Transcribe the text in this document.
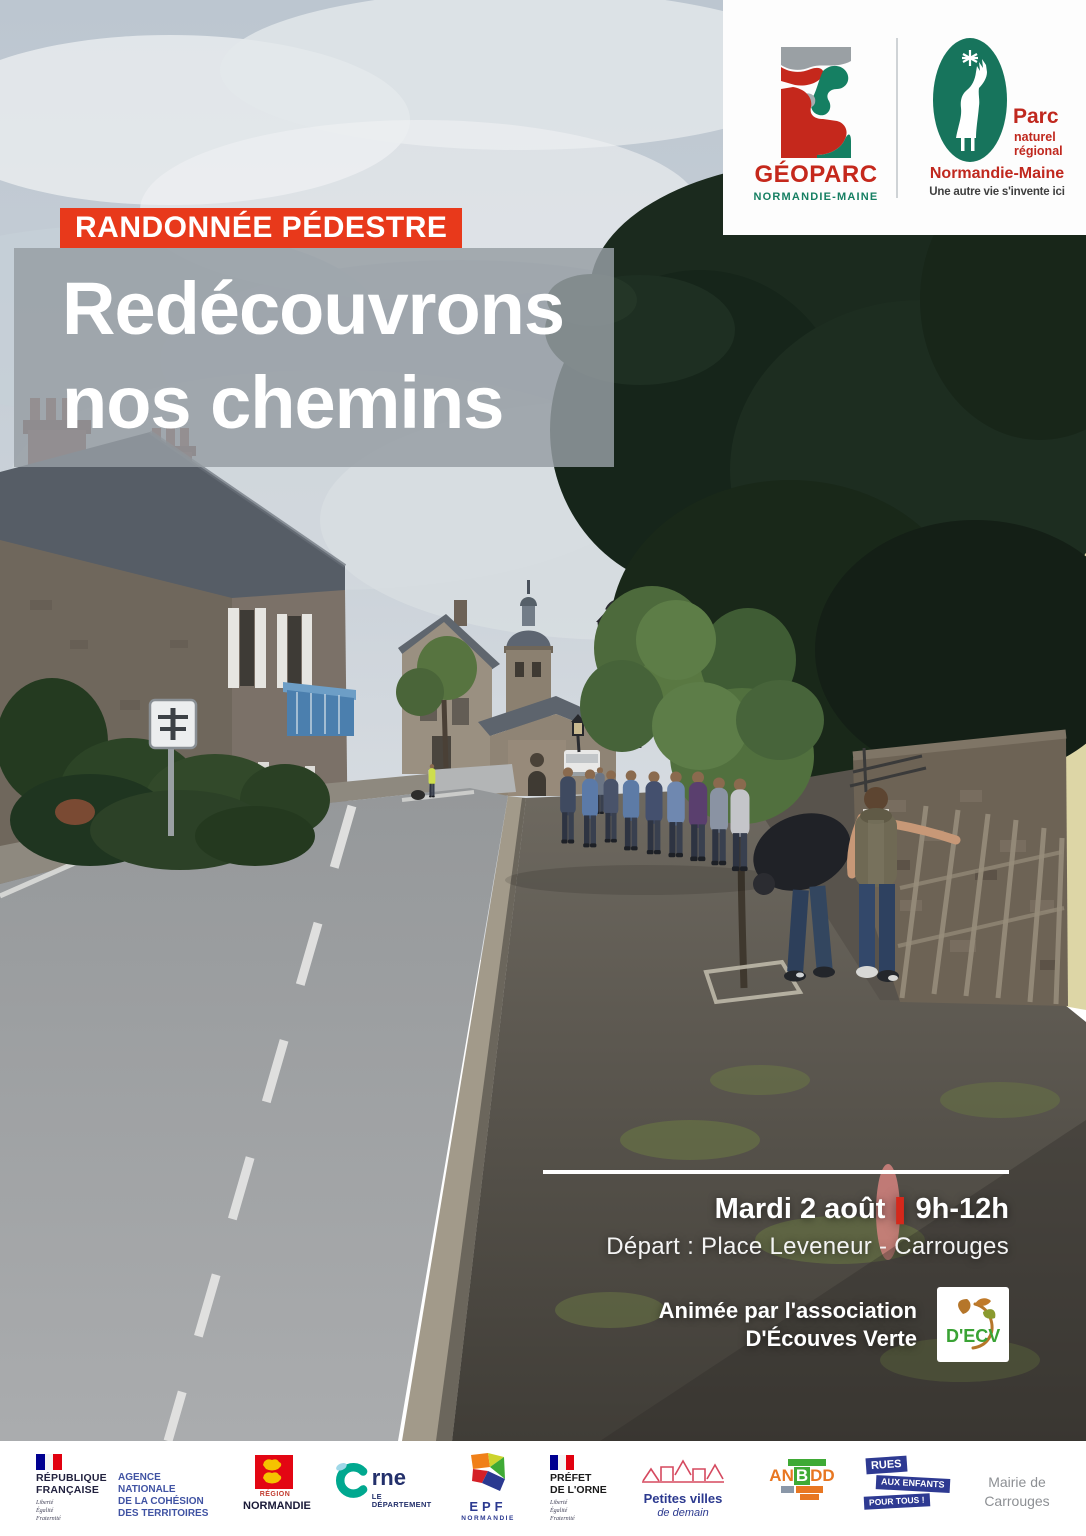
GÉOPARC
NORMANDIE-MAINE
Parc
naturel
régional
Normandie-Maine
Une autre vie s'invente ici
RANDONNÉE PÉDESTRE
Redécouvrons
nos chemins
Mardi 2 août | 9h-12h
Départ : Place Leveneur - Carrouges
Animée par l'association
D'Écouves Verte D'ECV
RÉPUBLIQUE
FRANÇAISE
Liberté
Égalité
Fraternité
AGENCE
NATIONALE
DE LA COHÉSION
DES TERRITOIRES
RÉGION
NORMANDIE
rne
LE DÉPARTEMENT	EPF
NORMANDIE
PRÉFET
DE L'ORNE
Liberté
Égalité
Fraternité
Petites villes
de demain
AN B DD
RUES
AUX ENFANTS
POUR TOUS !
Mairie de
Carrouges
